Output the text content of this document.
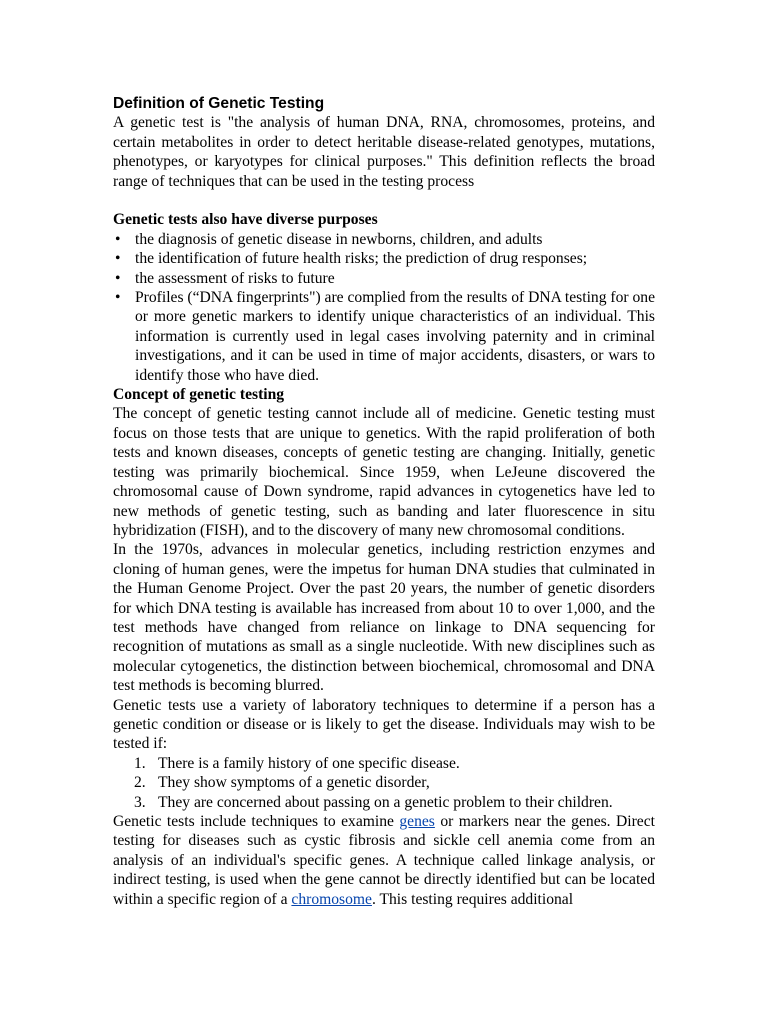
Definition of Genetic Testing

A genetic test is "the analysis of human DNA, RNA, chromosomes, proteins, and certain metabolites in order to detect heritable disease-related genotypes, mutations, phenotypes, or karyotypes for clinical purposes." This definition reflects the broad range of techniques that can be used in the testing process

Genetic tests also have diverse purposes
• the diagnosis of genetic disease in newborns, children, and adults
• the identification of future health risks; the prediction of drug responses;
• the assessment of risks to future
• Profiles (“DNA fingerprints") are complied from the results of DNA testing for one or more genetic markers to identify unique characteristics of an individual. This information is currently used in legal cases involving paternity and in criminal investigations, and it can be used in time of major accidents, disasters, or wars to identify those who have died.
Concept of genetic testing

The concept of genetic testing cannot include all of medicine. Genetic testing must focus on those tests that are unique to genetics. With the rapid proliferation of both tests and known diseases, concepts of genetic testing are changing. Initially, genetic testing was primarily biochemical. Since 1959, when LeJeune discovered the chromosomal cause of Down syndrome, rapid advances in cytogenetics have led to new methods of genetic testing, such as banding and later fluorescence in situ hybridization (FISH), and to the discovery of many new chromosomal conditions.

In the 1970s, advances in molecular genetics, including restriction enzymes and cloning of human genes, were the impetus for human DNA studies that culminated in the Human Genome Project. Over the past 20 years, the number of genetic disorders for which DNA testing is available has increased from about 10 to over 1,000, and the test methods have changed from reliance on linkage to DNA sequencing for recognition of mutations as small as a single nucleotide. With new disciplines such as molecular cytogenetics, the distinction between biochemical, chromosomal and DNA test methods is becoming blurred.

Genetic tests use a variety of laboratory techniques to determine if a person has a genetic condition or disease or is likely to get the disease. Individuals may wish to be tested if:

1. There is a family history of one specific disease.
2. They show symptoms of a genetic disorder,
3. They are concerned about passing on a genetic problem to their children.

Genetic tests include techniques to examine genes or markers near the genes. Direct testing for diseases such as cystic fibrosis and sickle cell anemia come from an analysis of an individual's specific genes. A technique called linkage analysis, or indirect testing, is used when the gene cannot be directly identified but can be located within a specific region of a chromosome. This testing requires additional
